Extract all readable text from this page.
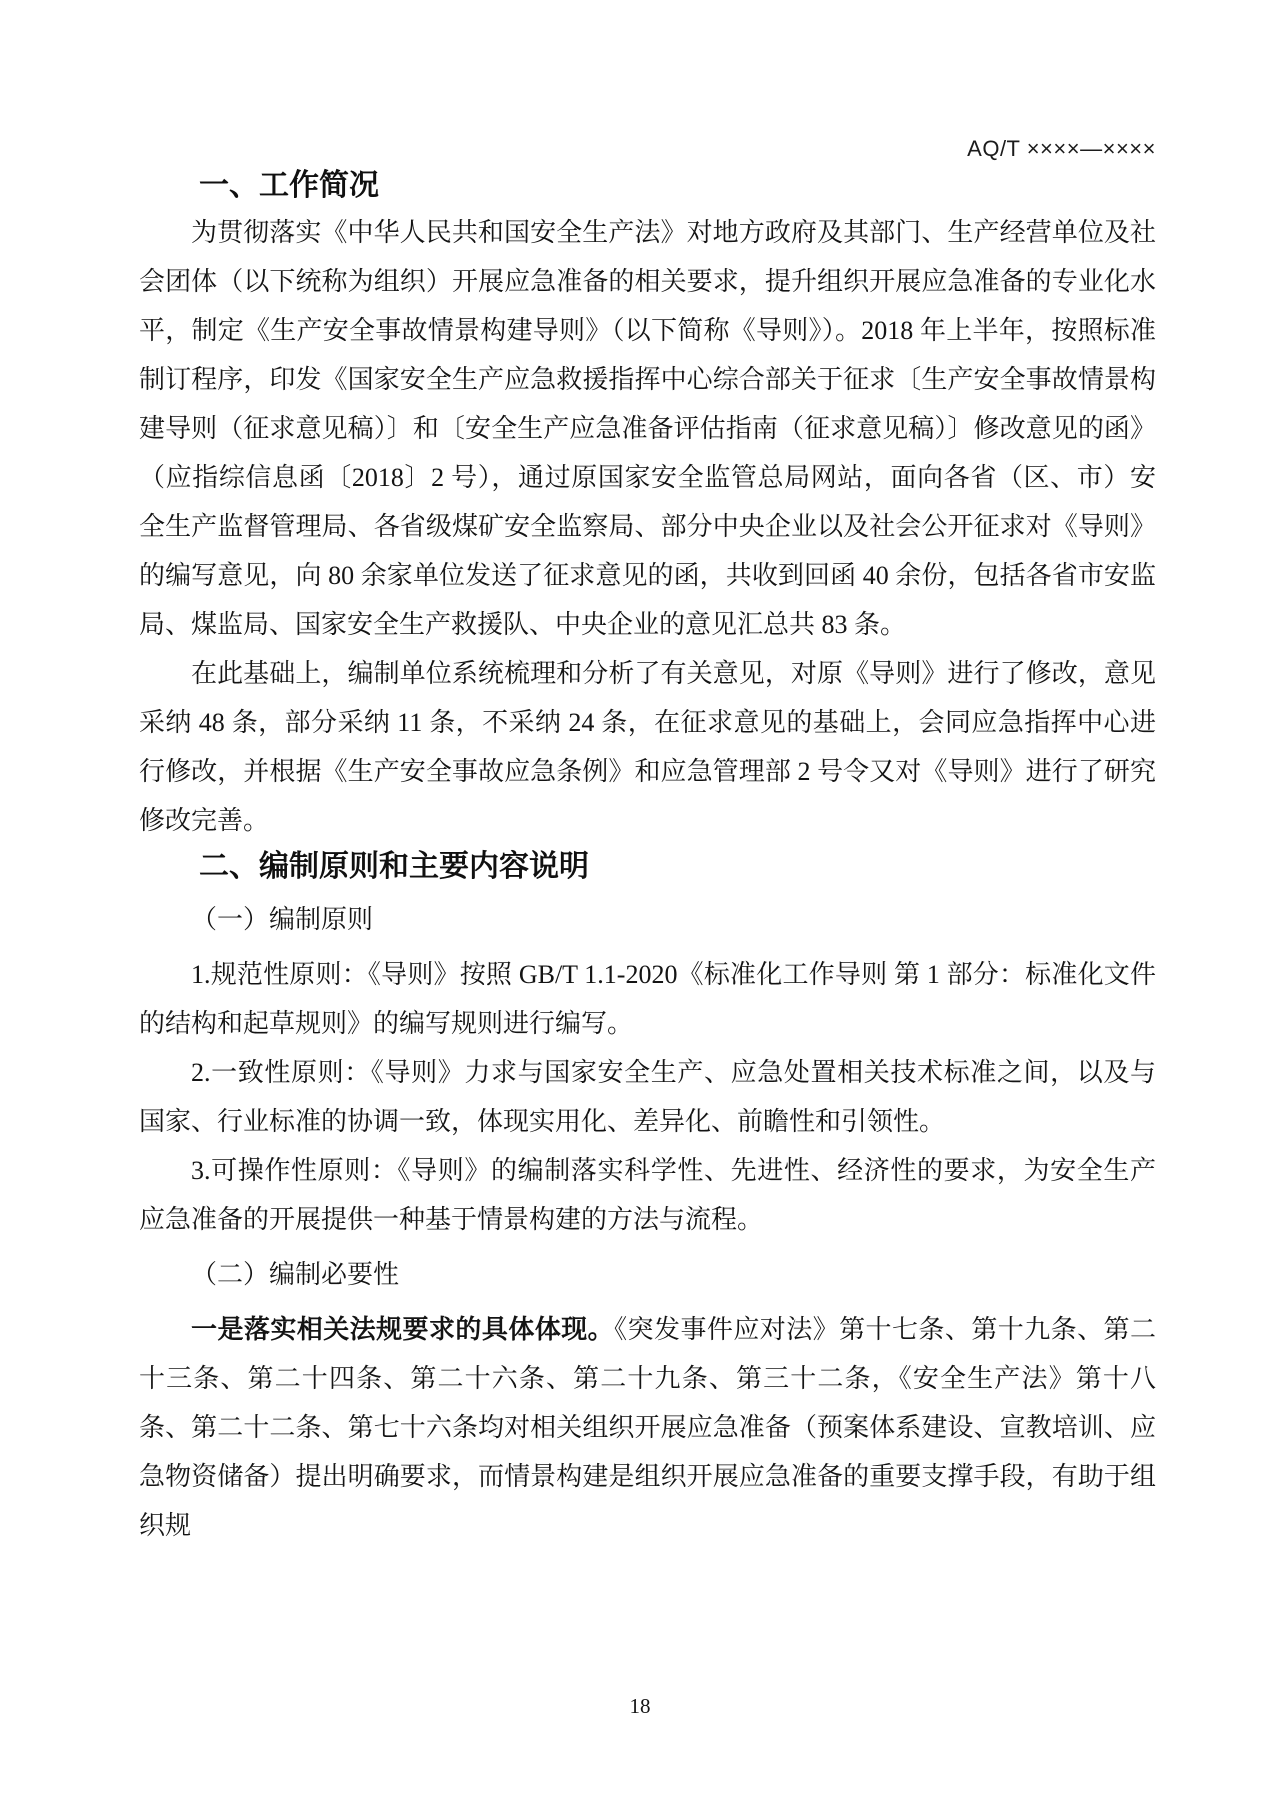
AQ/T ××××—××××
一、工作简况

为贯彻落实《中华人民共和国安全生产法》对地方政府及其部门、生产经营单位及社会团体（以下统称为组织）开展应急准备的相关要求，提升组织开展应急准备的专业化水平，制定《生产安全事故情景构建导则》（以下简称《导则》）。2018 年上半年，按照标准制订程序，印发《国家安全生产应急救援指挥中心综合部关于征求〔生产安全事故情景构建导则（征求意见稿）〕和〔安全生产应急准备评估指南（征求意见稿）〕修改意见的函》（应指综信息函〔2018〕2 号），通过原国家安全监管总局网站，面向各省（区、市）安全生产监督管理局、各省级煤矿安全监察局、部分中央企业以及社会公开征求对《导则》的编写意见，向 80 余家单位发送了征求意见的函，共收到回函 40 余份，包括各省市安监局、煤监局、国家安全生产救援队、中央企业的意见汇总共 83 条。

在此基础上，编制单位系统梳理和分析了有关意见，对原《导则》进行了修改，意见采纳 48 条，部分采纳 11 条，不采纳 24 条，在征求意见的基础上，会同应急指挥中心进行修改，并根据《生产安全事故应急条例》和应急管理部 2 号令又对《导则》进行了研究修改完善。

二、编制原则和主要内容说明

（一）编制原则

1.规范性原则：《导则》按照 GB/T 1.1-2020《标准化工作导则 第 1 部分：标准化文件的结构和起草规则》的编写规则进行编写。

2.一致性原则：《导则》力求与国家安全生产、应急处置相关技术标准之间，以及与国家、行业标准的协调一致，体现实用化、差异化、前瞻性和引领性。

3.可操作性原则：《导则》的编制落实科学性、先进性、经济性的要求，为安全生产应急准备的开展提供一种基于情景构建的方法与流程。

（二）编制必要性

一是落实相关法规要求的具体体现。《突发事件应对法》第十七条、第十九条、第二十三条、第二十四条、第二十六条、第二十九条、第三十二条，《安全生产法》第十八条、第二十二条、第七十六条均对相关组织开展应急准备（预案体系建设、宣教培训、应急物资储备）提出明确要求，而情景构建是组织开展应急准备的重要支撑手段，有助于组织规

18
